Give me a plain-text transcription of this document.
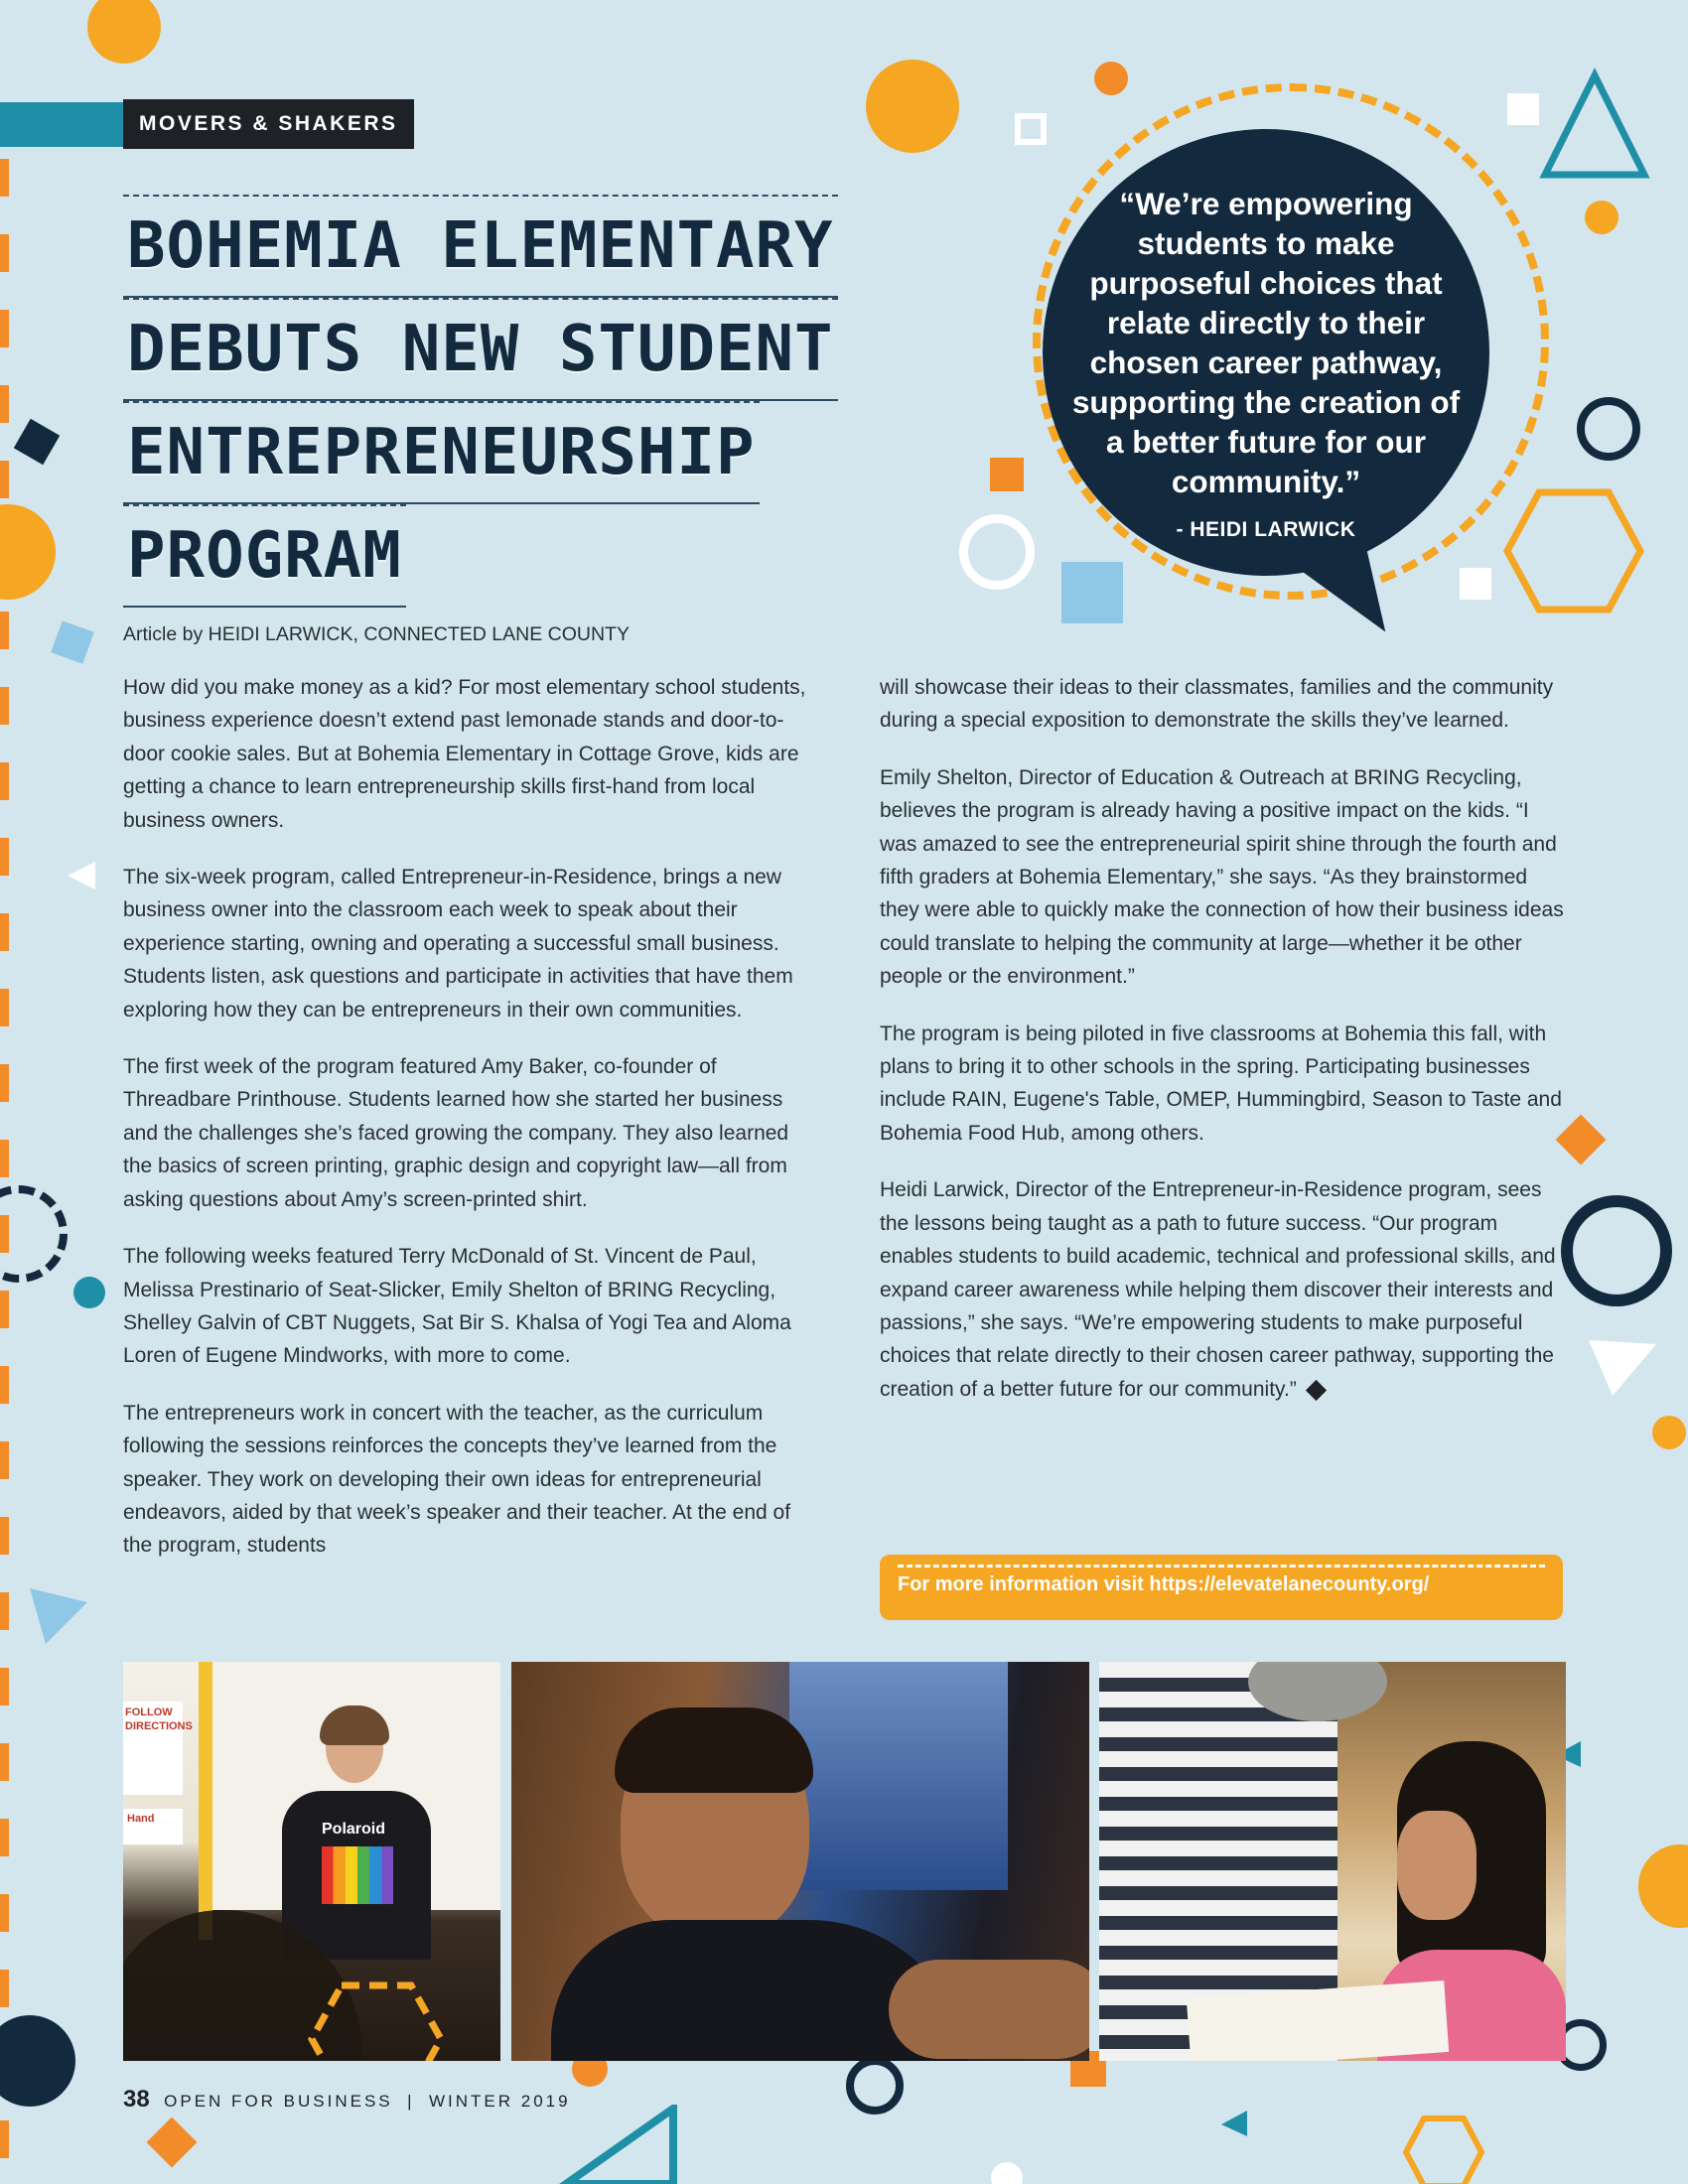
MOVERS & SHAKERS
BOHEMIA ELEMENTARY
DEBUTS NEW STUDENT
ENTREPRENEURSHIP
PROGRAM
“We’re empowering students to make purposeful choices that relate directly to their chosen career pathway, supporting the creation of a better future for our community.”
- HEIDI LARWICK
Article by HEIDI LARWICK, CONNECTED LANE COUNTY

How did you make money as a kid? For most elementary school students, business experience doesn’t extend past lemonade stands and door-to-door cookie sales. But at Bohemia Elementary in Cottage Grove, kids are getting a chance to learn entrepreneurship skills first-hand from local business owners.

The six-week program, called Entrepreneur-in-Residence, brings a new business owner into the classroom each week to speak about their experience starting, owning and operating a successful small business. Students listen, ask questions and participate in activities that have them exploring how they can be entrepreneurs in their own communities.

The first week of the program featured Amy Baker, co-founder of Threadbare Printhouse. Students learned how she started her business and the challenges she’s faced growing the company. They also learned the basics of screen printing, graphic design and copyright law—all from asking questions about Amy’s screen-printed shirt.

The following weeks featured Terry McDonald of St. Vincent de Paul, Melissa Prestinario of Seat-Slicker, Emily Shelton of BRING Recycling, Shelley Galvin of CBT Nuggets, Sat Bir S. Khalsa of Yogi Tea and Aloma Loren of Eugene Mindworks, with more to come.

The entrepreneurs work in concert with the teacher, as the curriculum following the sessions reinforces the concepts they’ve learned from the speaker. They work on developing their own ideas for entrepreneurial endeavors, aided by that week’s speaker and their teacher. At the end of the program, students

will showcase their ideas to their classmates, families and the community during a special exposition to demonstrate the skills they’ve learned.

Emily Shelton, Director of Education & Outreach at BRING Recycling, believes the program is already having a positive impact on the kids. “I was amazed to see the entrepreneurial spirit shine through the fourth and fifth graders at Bohemia Elementary,” she says. “As they brainstormed they were able to quickly make the connection of how their business ideas could translate to helping the community at large—whether it be other people or the environment.”

The program is being piloted in five classrooms at Bohemia this fall, with plans to bring it to other schools in the spring. Participating businesses include RAIN, Eugene's Table, OMEP, Hummingbird, Season to Taste and Bohemia Food Hub, among others.

Heidi Larwick, Director of the Entrepreneur-in-Residence program, sees the lessons being taught as a path to future success. “Our program enables students to build academic, technical and professional skills, and expand career awareness while helping them discover their interests and passions,” she says. “We’re empowering students to make purposeful choices that relate directly to their chosen career pathway, supporting the creation of a better future for our community.”

For more information visit https://elevatelanecounty.org/
FOLLOW
DIRECTIONS
Hand
Polaroid
38 OPEN FOR BUSINESS | WINTER 2019
